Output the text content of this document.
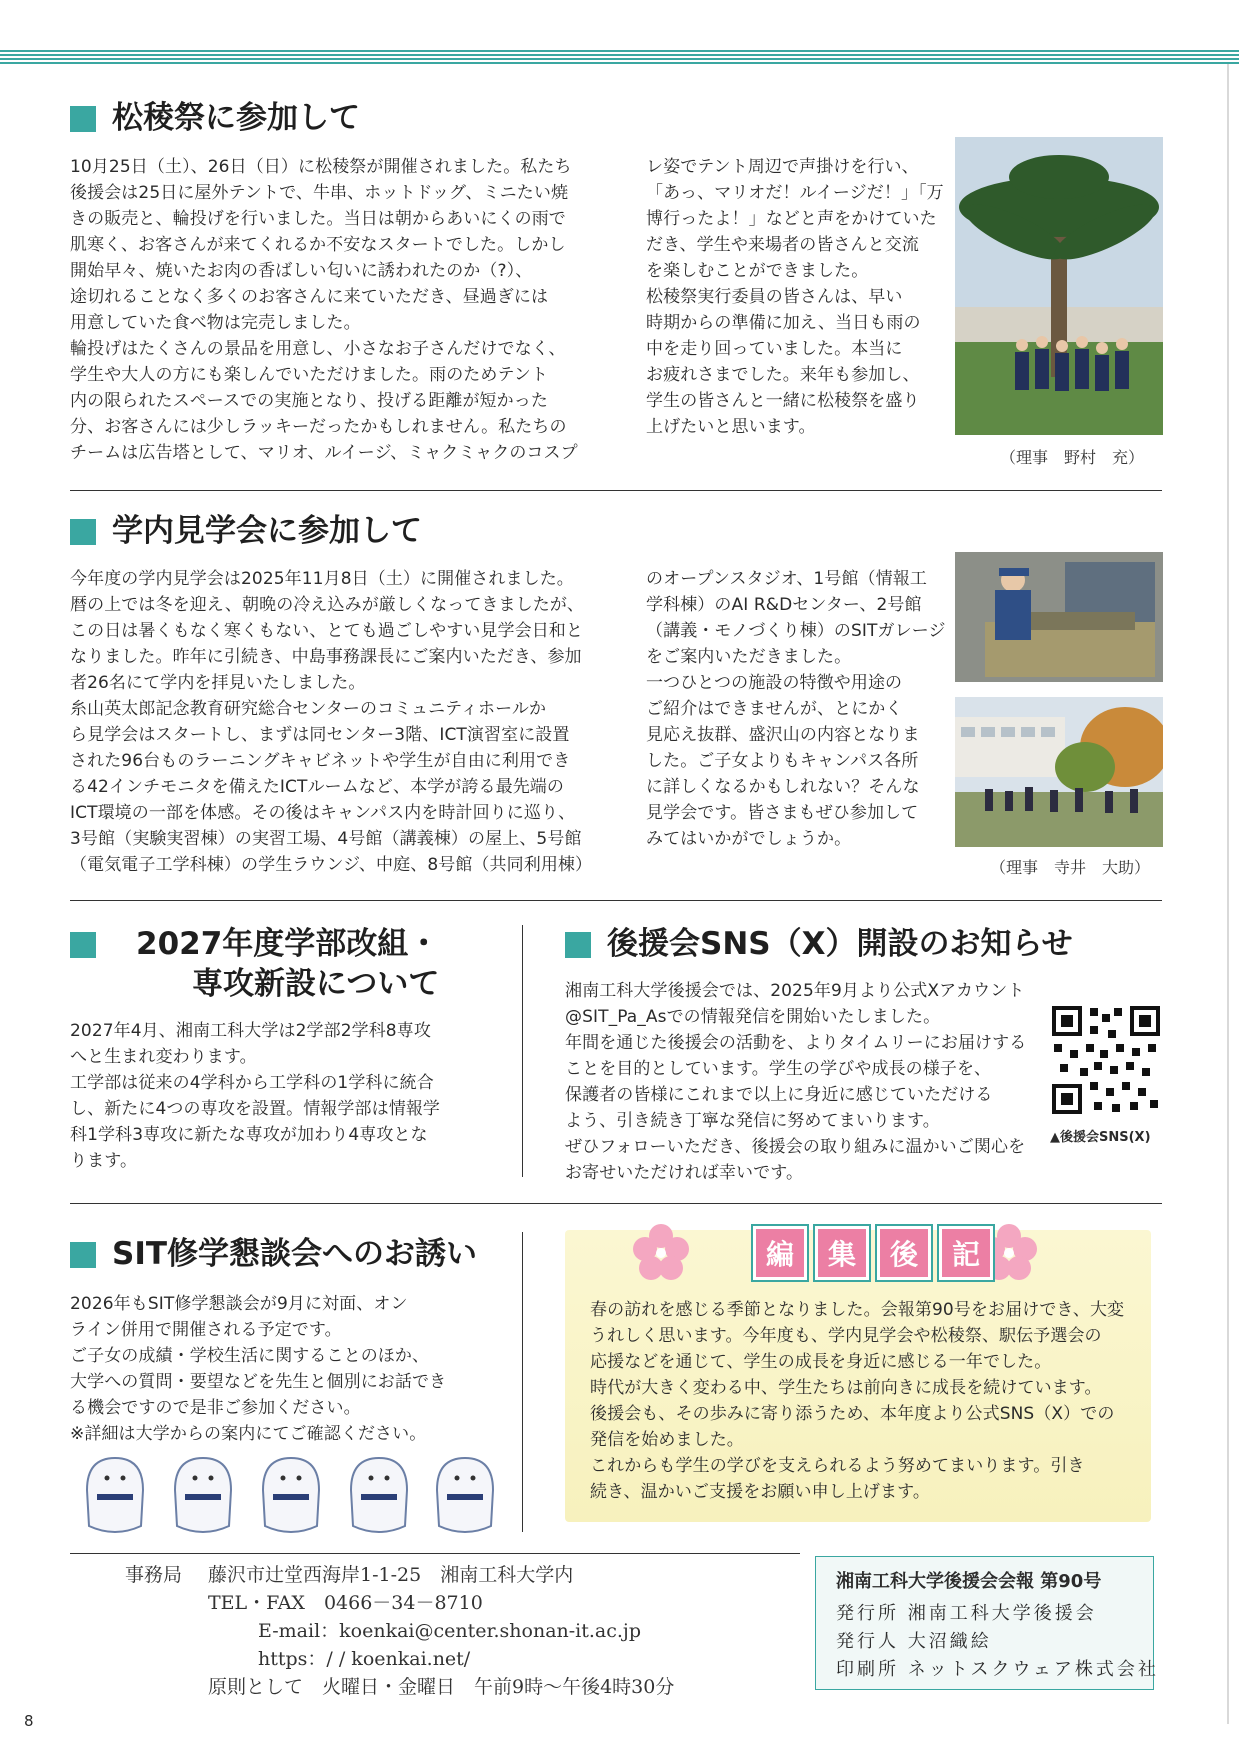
松稜祭に参加して

10月25日（土）、26日（日）に松稜祭が開催されました。私たち

後援会は25日に屋外テントで、牛串、ホットドッグ、ミニたい焼

きの販売と、輪投げを行いました。当日は朝からあいにくの雨で

肌寒く、お客さんが来てくれるか不安なスタートでした。しかし

開始早々、焼いたお肉の香ばしい匂いに誘われたのか（?）、

途切れることなく多くのお客さんに来ていただき、昼過ぎには

用意していた食べ物は完売しました。

輪投げはたくさんの景品を用意し、小さなお子さんだけでなく、

学生や大人の方にも楽しんでいただけました。雨のためテント

内の限られたスペースでの実施となり、投げる距離が短かった

分、お客さんには少しラッキーだったかもしれません。私たちの

チームは広告塔として、マリオ、ルイージ、ミャクミャクのコスプ

レ姿でテント周辺で声掛けを行い、

「あっ、マリオだ！ルイージだ！」「万

博行ったよ！」などと声をかけていた

だき、学生や来場者の皆さんと交流

を楽しむことができました。

松稜祭実行委員の皆さんは、早い

時期からの準備に加え、当日も雨の

中を走り回っていました。本当に

お疲れさまでした。来年も参加し、

学生の皆さんと一緒に松稜祭を盛り

上げたいと思います。

（理事　野村　充）
学内見学会に参加して

今年度の学内見学会は2025年11月8日（土）に開催されました。

暦の上では冬を迎え、朝晩の冷え込みが厳しくなってきましたが、

この日は暑くもなく寒くもない、とても過ごしやすい見学会日和と

なりました。昨年に引続き、中島事務課長にご案内いただき、参加

者26名にて学内を拝見いたしました。

糸山英太郎記念教育研究総合センターのコミュニティホールか

ら見学会はスタートし、まずは同センター3階、ICT演習室に設置

された96台ものラーニングキャビネットや学生が自由に利用でき

る42インチモニタを備えたICTルームなど、本学が誇る最先端の

ICT環境の一部を体感。その後はキャンパス内を時計回りに巡り、

3号館（実験実習棟）の実習工場、4号館（講義棟）の屋上、5号館

（電気電子工学科棟）の学生ラウンジ、中庭、8号館（共同利用棟）

のオープンスタジオ、1号館（情報工

学科棟）のAI R&Dセンター、2号館

（講義・モノづくり棟）のSITガレージ

をご案内いただきました。

一つひとつの施設の特徴や用途の

ご紹介はできませんが、とにかく

見応え抜群、盛沢山の内容となりま

した。ご子女よりもキャンパス各所

に詳しくなるかもしれない？そんな

見学会です。皆さまもぜひ参加して

みてはいかがでしょうか。

（理事　寺井　大助）
2027年度学部改組・
専攻新設について

2027年4月、湘南工科大学は2学部2学科8専攻

へと生まれ変わります。

工学部は従来の4学科から工学科の1学科に統合

し、新たに4つの専攻を設置。情報学部は情報学

科1学科3専攻に新たな専攻が加わり4専攻とな

ります。

後援会SNS（X）開設のお知らせ

湘南工科大学後援会では、2025年9月より公式Xアカウント

@SIT_Pa_Asでの情報発信を開始いたしました。

年間を通じた後援会の活動を、よりタイムリーにお届けする

ことを目的としています。学生の学びや成長の様子を、

保護者の皆様にこれまで以上に身近に感じていただける

よう、引き続き丁寧な発信に努めてまいります。

ぜひフォローいただき、後援会の取り組みに温かいご関心を

お寄せいただければ幸いです。

▲後援会SNS(X)
SIT修学懇談会へのお誘い

2026年もSIT修学懇談会が9月に対面、オン

ライン併用で開催される予定です。

ご子女の成績・学校生活に関することのほか、

大学への質問・要望などを先生と個別にお話でき

る機会ですので是非ご参加ください。

※詳細は大学からの案内にてご確認ください。

編	集	後	記

春の訪れを感じる季節となりました。会報第90号をお届けでき、大変

うれしく思います。今年度も、学内見学会や松稜祭、駅伝予選会の

応援などを通じて、学生の成長を身近に感じる一年でした。

時代が大きく変わる中、学生たちは前向きに成長を続けています。

後援会も、その歩みに寄り添うため、本年度より公式SNS（X）での

発信を始めました。

これからも学生の学びを支えられるよう努めてまいります。引き

続き、温かいご支援をお願い申し上げます。

事務局 藤沢市辻堂西海岸1-1-25　湘南工科大学内
TEL・FAX　0466－34－8710
E-mail：koenkai@center.shonan-it.ac.jp
https：/ / koenkai.net/
原則として　火曜日・金曜日　午前9時～午後4時30分
湘南工科大学後援会会報 第90号
発行所 湘南工科大学後援会
発行人 大沼織絵
印刷所 ネットスクウェア株式会社
8
